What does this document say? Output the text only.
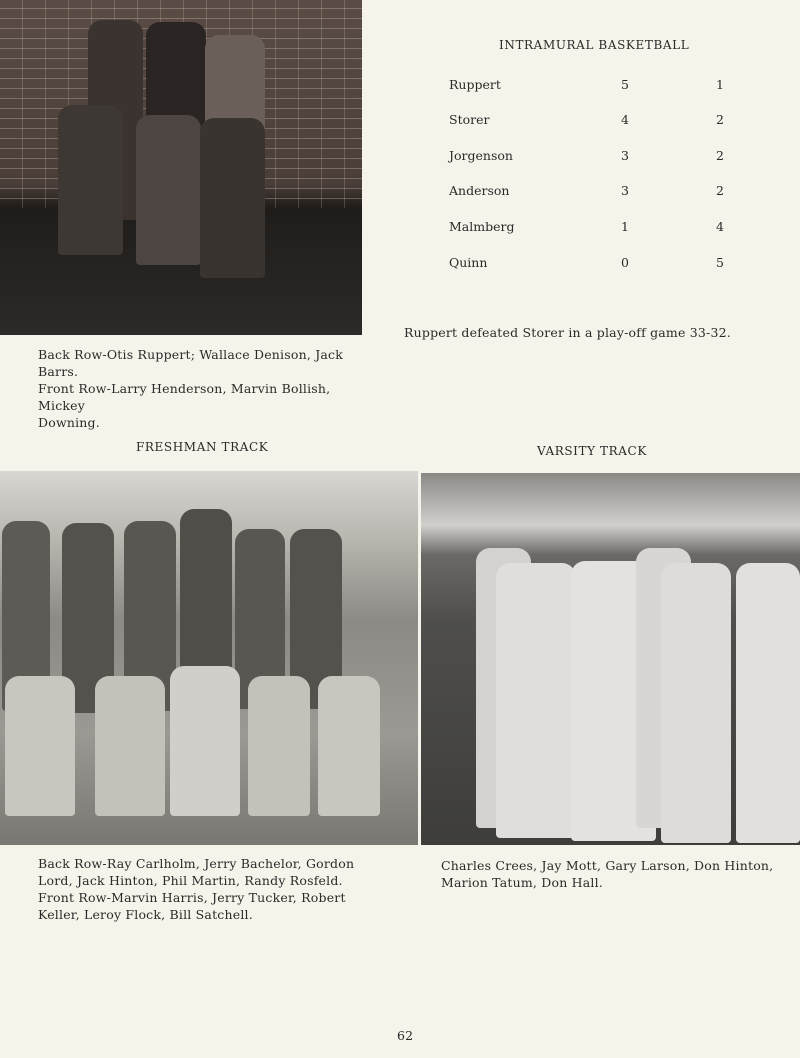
INTRAMURAL BASKETBALL
Ruppert	5	1
Storer	4	2
Jorgenson	3	2
Anderson	3	2
Malmberg	1	4
Quinn	0	5
Ruppert defeated Storer in a play-off game 33-32.
Back Row-Otis Ruppert; Wallace Denison, Jack Barrs.
Front Row-Larry Henderson, Marvin Bollish, Mickey
Downing.
FRESHMAN TRACK	VARSITY TRACK
Back Row-Ray Carlholm, Jerry Bachelor, Gordon
Lord, Jack Hinton, Phil Martin, Randy Rosfeld.
Front Row-Marvin Harris, Jerry Tucker, Robert
Keller, Leroy Flock, Bill Satchell.
Charles Crees, Jay Mott, Gary Larson, Don Hinton,
Marion Tatum, Don Hall.
62
